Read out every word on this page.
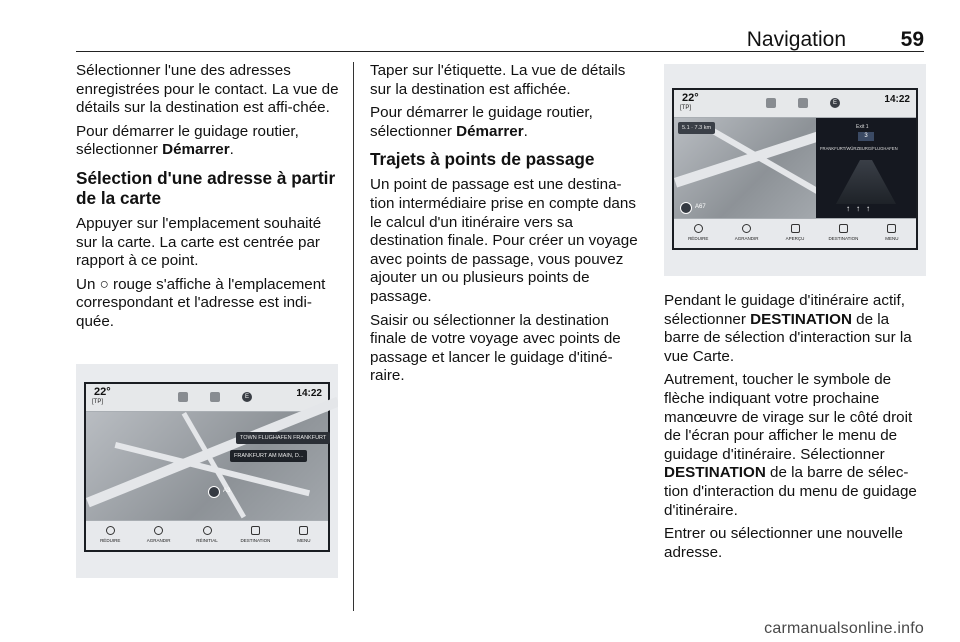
Navigation	59

Sélectionner l'une des adresses enregistrées pour le contact. La vue de détails sur la destination est affi‐chée.

Pour démarrer le guidage routier, sélectionner Démarrer.

Sélection d'une adresse à partir de la carte

Appuyer sur l'emplacement souhaité sur la carte. La carte est centrée par rapport à ce point.

Un ○ rouge s'affiche à l'emplacement correspondant et l'adresse est indi‐quée.

22°
[TP]
E	14:22
TOWN FLUGHAFEN FRANKFURT
FRANKFURT AM MAIN, D...
A3
RÉDUIRE	AGRANDIR	RÉINITIAL	DESTINATION	MENU

Taper sur l'étiquette. La vue de détails sur la destination est affichée.

Pour démarrer le guidage routier, sélectionner Démarrer.

Trajets à points de passage

Un point de passage est une destina‐tion intermédiaire prise en compte dans le calcul d'un itinéraire vers sa destination finale. Pour créer un voyage avec points de passage, vous pouvez ajouter un ou plusieurs points de passage.

Saisir ou sélectionner la destination finale de votre voyage avec points de passage et lancer le guidage d'itiné‐raire.

22°
[TP]
E	14:22
5.1 · 7.3 km
A67
Exit 1
3
FRANKFURT/WÜRZBURG/FLUGHAFEN
↑↑↑
RÉDUIRE	AGRANDIR	APERÇU	DESTINATION	MENU

Pendant le guidage d'itinéraire actif, sélectionner DESTINATION de la barre de sélection d'interaction sur la vue Carte.

Autrement, toucher le symbole de flèche indiquant votre prochaine manœuvre de virage sur le côté droit de l'écran pour afficher le menu de guidage d'itinéraire. Sélectionner DESTINATION de la barre de sélec‐tion d'interaction du menu de guidage d'itinéraire.

Entrer ou sélectionner une nouvelle adresse.

carmanualsonline.info
